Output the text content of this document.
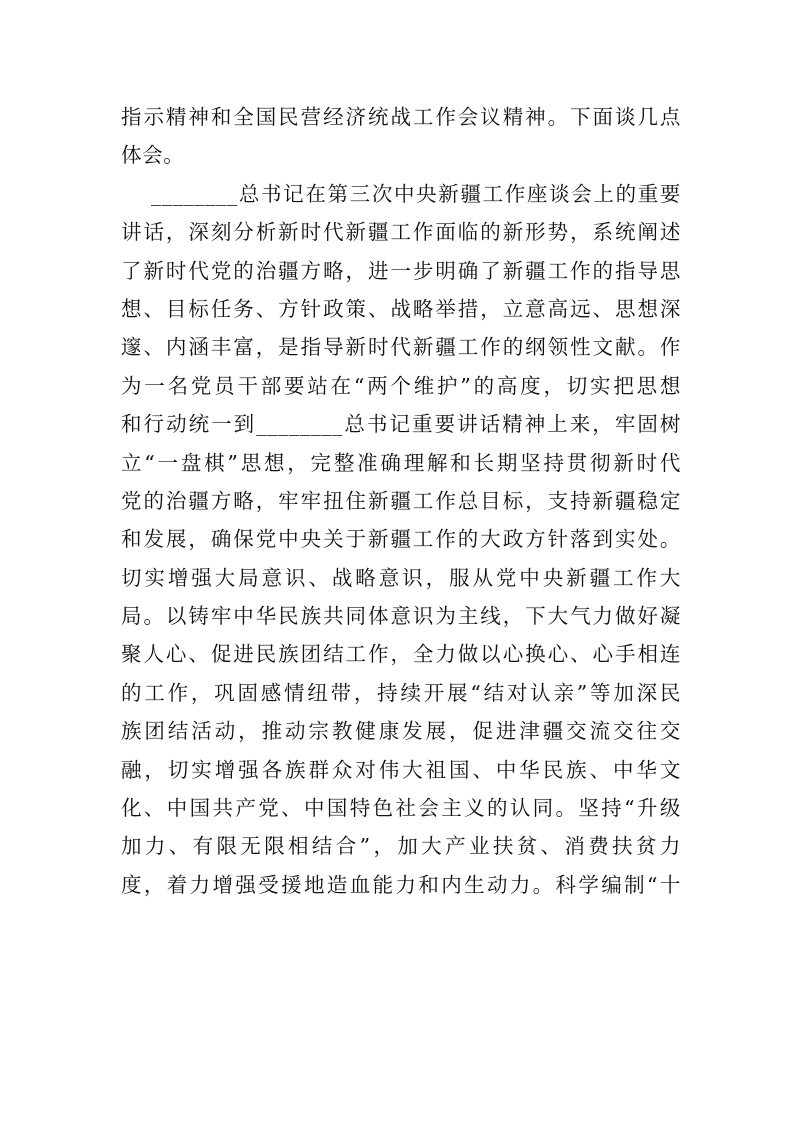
指示精神和全国民营经济统战工作会议精神。下面谈几点
体会。
________总书记在第三次中央新疆工作座谈会上的重要
讲话，深刻分析新时代新疆工作面临的新形势，系统阐述
了新时代党的治疆方略，进一步明确了新疆工作的指导思
想、目标任务、方针政策、战略举措，立意高远、思想深
邃、内涵丰富，是指导新时代新疆工作的纲领性文献。作
为一名党员干部要站在“两个维护”的高度，切实把思想
和行动统一到________总书记重要讲话精神上来，牢固树
立“一盘棋”思想，完整准确理解和长期坚持贯彻新时代
党的治疆方略，牢牢扭住新疆工作总目标，支持新疆稳定
和发展，确保党中央关于新疆工作的大政方针落到实处。
切实增强大局意识、战略意识，服从党中央新疆工作大
局。以铸牢中华民族共同体意识为主线，下大气力做好凝
聚人心、促进民族团结工作，全力做以心换心、心手相连
的工作，巩固感情纽带，持续开展“结对认亲”等加深民
族团结活动，推动宗教健康发展，促进津疆交流交往交
融，切实增强各族群众对伟大祖国、中华民族、中华文
化、中国共产党、中国特色社会主义的认同。坚持“升级
加力、有限无限相结合”，加大产业扶贫、消费扶贫力
度，着力增强受援地造血能力和内生动力。科学编制“十
